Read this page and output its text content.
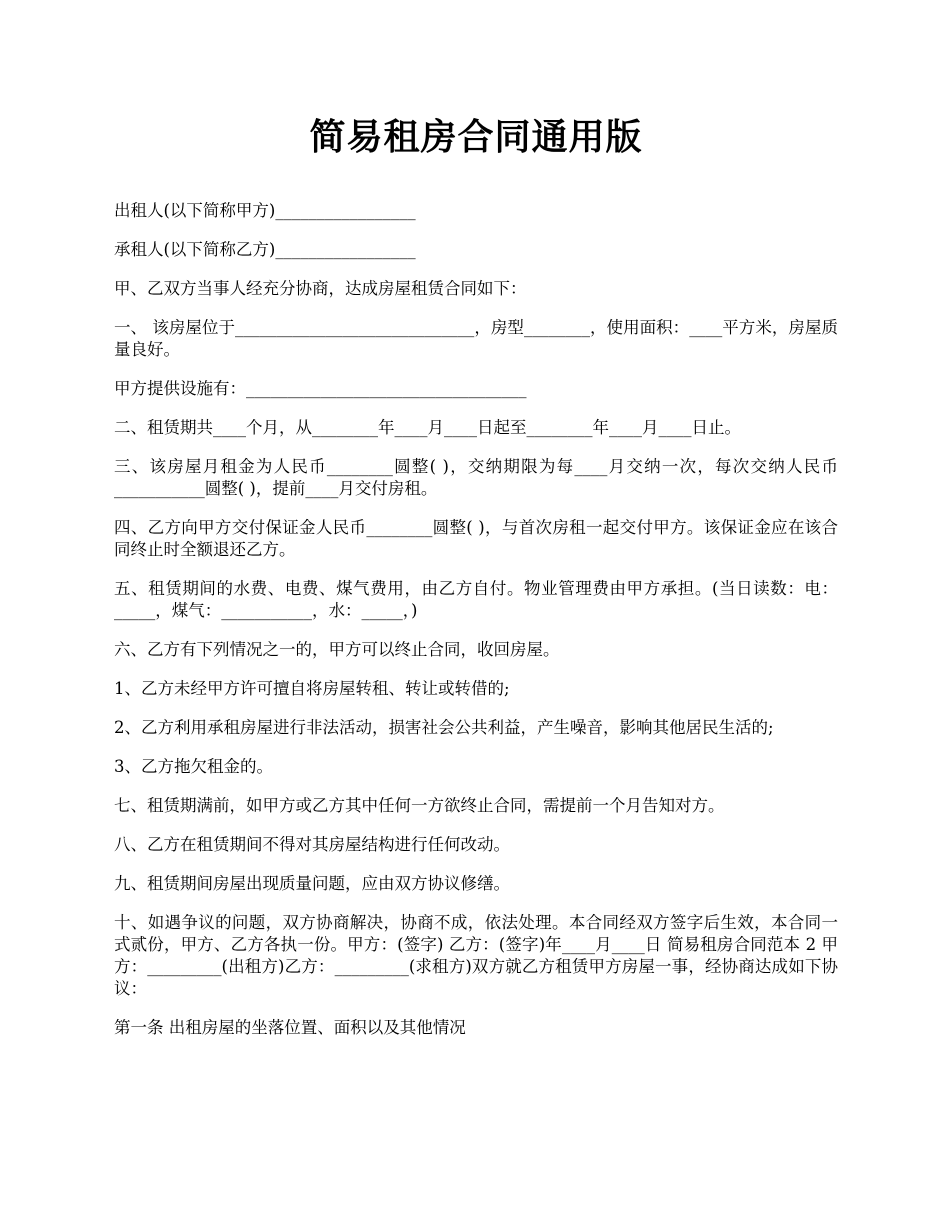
简易租房合同通用版

出租人(以下简称甲方)_________________

承租人(以下简称乙方)_________________

甲、乙双方当事人经充分协商，达成房屋租赁合同如下：

一、 该房屋位于_____________________________，房型________，使用面积：____平方米，房屋质量良好。

甲方提供设施有：__________________________________

二、租赁期共____个月，从________年____月____日起至________年____月____日止。

三、该房屋月租金为人民币________圆整( )，交纳期限为每____月交纳一次，每次交纳人民币___________圆整( )，提前____月交付房租。

四、乙方向甲方交付保证金人民币________圆整( )，与首次房租一起交付甲方。该保证金应在该合同终止时全额退还乙方。

五、租赁期间的水费、电费、煤气费用，由乙方自付。物业管理费由甲方承担。(当日读数：电：_____，煤气：___________，水：_____，)

六、乙方有下列情况之一的，甲方可以终止合同，收回房屋。

1、乙方未经甲方许可擅自将房屋转租、转让或转借的;

2、乙方利用承租房屋进行非法活动，损害社会公共利益，产生噪音，影响其他居民生活的;

3、乙方拖欠租金的。

七、租赁期满前，如甲方或乙方其中任何一方欲终止合同，需提前一个月告知对方。

八、乙方在租赁期间不得对其房屋结构进行任何改动。

九、租赁期间房屋出现质量问题，应由双方协议修缮。

十、如遇争议的问题，双方协商解决，协商不成，依法处理。本合同经双方签字后生效，本合同一式贰份，甲方、乙方各执一份。甲方：(签字) 乙方：(签字)年____月____日 简易租房合同范本 2 甲方：_________(出租方)乙方：_________(求租方)双方就乙方租赁甲方房屋一事，经协商达成如下协议：

第一条 出租房屋的坐落位置、面积以及其他情况
